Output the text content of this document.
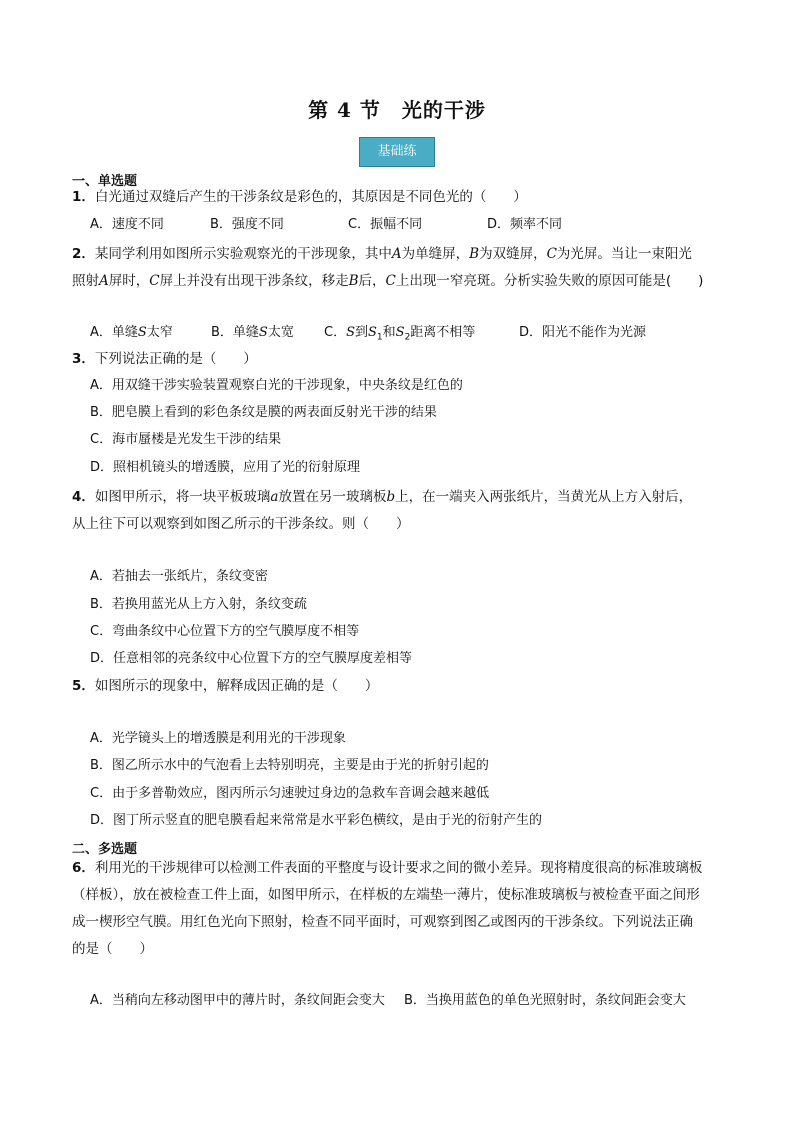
第 4 节　光的干涉
基础练
一、单选题
1．白光通过双缝后产生的干涉条纹是彩色的，其原因是不同色光的（　　）
A．速度不同	B．强度不同	C．振幅不同	D．频率不同
2．某同学利用如图所示实验观察光的干涉现象，其中A为单缝屏，B为双缝屏，C为光屏。当让一束阳光
照射A屏时，C屏上并没有出现干涉条纹，移走B后，C上出现一窄亮斑。分析实验失败的原因可能是(　　)
A．单缝S太窄	B．单缝S太宽 C．S到$S_1$和$S_2$距离不相等	D．阳光不能作为光源
3．下列说法正确的是（　　）
A．用双缝干涉实验装置观察白光的干涉现象，中央条纹是红色的
B．肥皂膜上看到的彩色条纹是膜的两表面反射光干涉的结果
C．海市蜃楼是光发生干涉的结果
D．照相机镜头的增透膜，应用了光的衍射原理
4．如图甲所示，将一块平板玻璃a放置在另一玻璃板b上，在一端夹入两张纸片，当黄光从上方入射后，
从上往下可以观察到如图乙所示的干涉条纹。则（　　）
A．若抽去一张纸片，条纹变密
B．若换用蓝光从上方入射，条纹变疏
C．弯曲条纹中心位置下方的空气膜厚度不相等
D．任意相邻的亮条纹中心位置下方的空气膜厚度差相等
5．如图所示的现象中，解释成因正确的是（　　）
A．光学镜头上的增透膜是利用光的干涉现象
B．图乙所示水中的气泡看上去特别明亮，主要是由于光的折射引起的
C．由于多普勒效应，图丙所示匀速驶过身边的急救车音调会越来越低
D．图丁所示竖直的肥皂膜看起来常常是水平彩色横纹，是由于光的衍射产生的
二、多选题
6．利用光的干涉规律可以检测工件表面的平整度与设计要求之间的微小差异。现将精度很高的标准玻璃板
（样板），放在被检查工件上面，如图甲所示，在样板的左端垫一薄片，使标准玻璃板与被检查平面之间形
成一楔形空气膜。用红色光向下照射，检查不同平面时，可观察到图乙或图丙的干涉条纹。下列说法正确
的是（　　）
A．当稍向左移动图甲中的薄片时，条纹间距会变大 B．当换用蓝色的单色光照射时，条纹间距会变大
